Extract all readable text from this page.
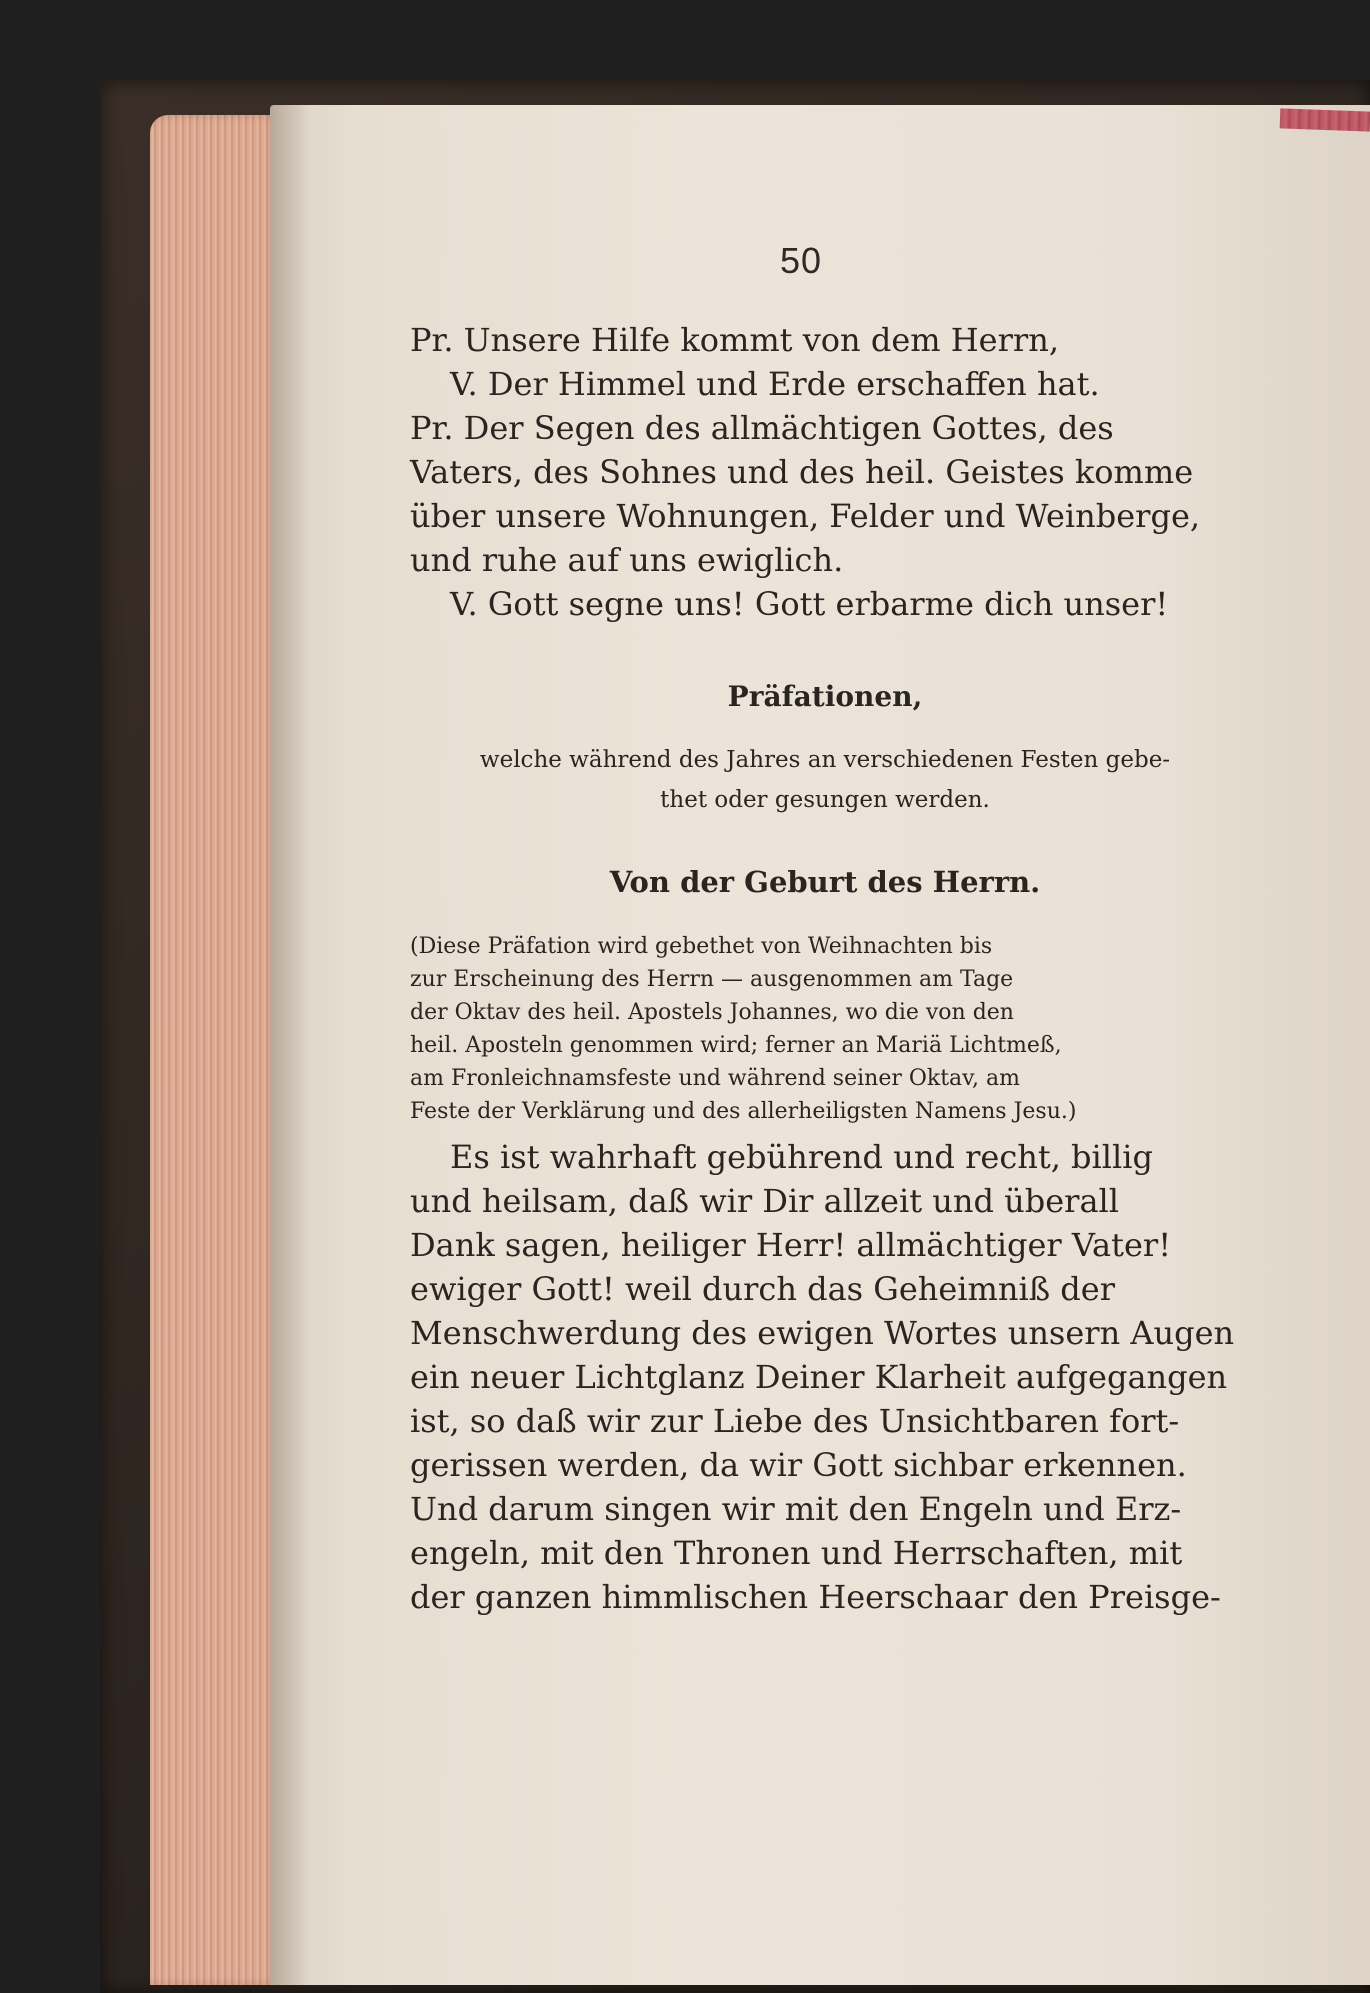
50
Pr. Unsere Hilfe kommt von dem Herrn,
V. Der Himmel und Erde erschaffen hat.
Pr. Der Segen des allmächtigen Gottes, des
Vaters, des Sohnes und des heil. Geistes komme
über unsere Wohnungen, Felder und Weinberge,
und ruhe auf uns ewiglich.
V. Gott segne uns! Gott erbarme dich unser!
Präfationen,
welche während des Jahres an verschiedenen Festen gebe-
thet oder gesungen werden.
Von der Geburt des Herrn.
(Diese Präfation wird gebethet von Weihnachten bis
zur Erscheinung des Herrn — ausgenommen am Tage
der Oktav des heil. Apostels Johannes, wo die von den
heil. Aposteln genommen wird; ferner an Mariä Lichtmeß,
am Fronleichnamsfeste und während seiner Oktav, am
Feste der Verklärung und des allerheiligsten Namens Jesu.)
Es ist wahrhaft gebührend und recht, billig
und heilsam, daß wir Dir allzeit und überall
Dank sagen, heiliger Herr! allmächtiger Vater!
ewiger Gott! weil durch das Geheimniß der
Menschwerdung des ewigen Wortes unsern Augen
ein neuer Lichtglanz Deiner Klarheit aufgegangen
ist, so daß wir zur Liebe des Unsichtbaren fort-
gerissen werden, da wir Gott sichbar erkennen.
Und darum singen wir mit den Engeln und Erz-
engeln, mit den Thronen und Herrschaften, mit
der ganzen himmlischen Heerschaar den Preisge-
